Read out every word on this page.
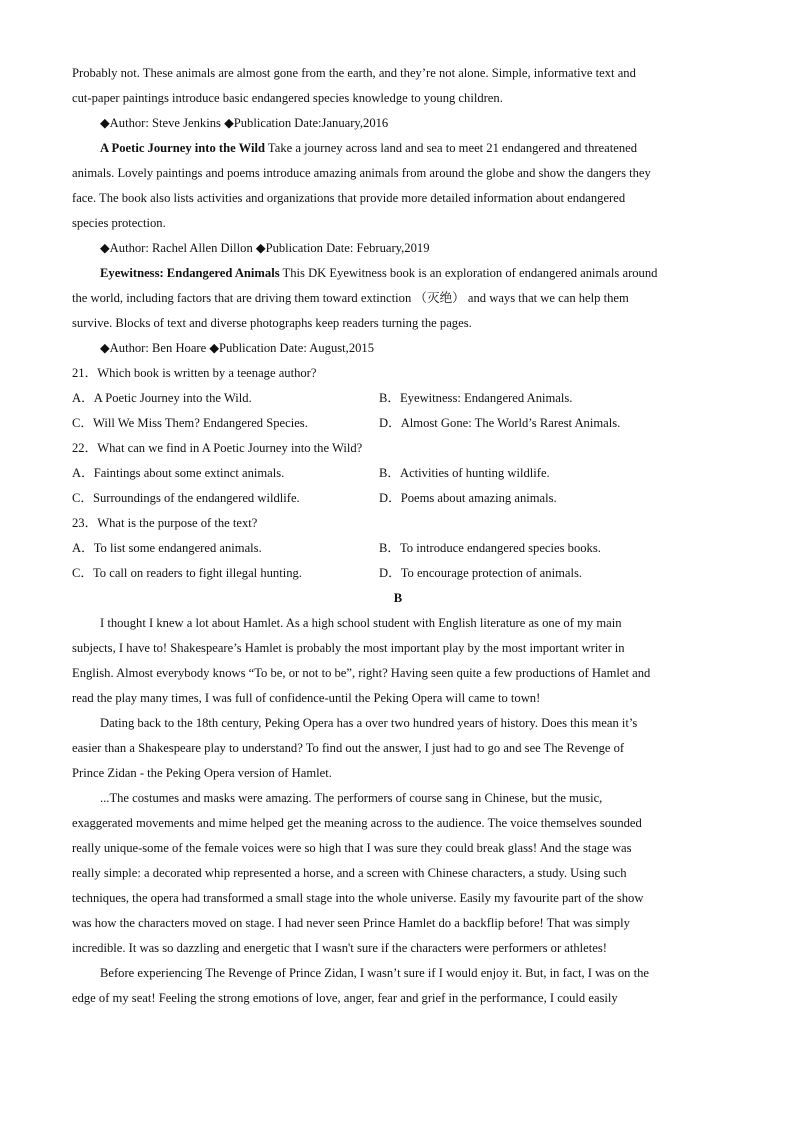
Probably not. These animals are almost gone from the earth, and they’re not alone. Simple, informative text and
cut-paper paintings introduce basic endangered species knowledge to young children.
◆Author: Steve Jenkins ◆Publication Date:January,2016
A Poetic Journey into the Wild Take a journey across land and sea to meet 21 endangered and threatened
animals. Lovely paintings and poems introduce amazing animals from around the globe and show the dangers they
face. The book also lists activities and organizations that provide more detailed information about endangered
species protection.
◆Author: Rachel Allen Dillon ◆Publication Date: February,2019
Eyewitness: Endangered Animals This DK Eyewitness book is an exploration of endangered animals around
the world, including factors that are driving them toward extinction （灭绝） and ways that we can help them
survive. Blocks of text and diverse photographs keep readers turning the pages.
◆Author: Ben Hoare ◆Publication Date: August,2015
21．Which book is written by a teenage author?
A．A Poetic Journey into the Wild.	B．Eyewitness: Endangered Animals.
C．Will We Miss Them? Endangered Species.	D．Almost Gone: The World’s Rarest Animals.
22．What can we find in A Poetic Journey into the Wild?
A．Faintings about some extinct animals.	B．Activities of hunting wildlife.
C．Surroundings of the endangered wildlife.	D．Poems about amazing animals.
23．What is the purpose of the text?
A．To list some endangered animals.	B．To introduce endangered species books.
C．To call on readers to fight illegal hunting.	D．To encourage protection of animals.
B
I thought I knew a lot about Hamlet. As a high school student with English literature as one of my main
subjects, I have to! Shakespeare’s Hamlet is probably the most important play by the most important writer in
English. Almost everybody knows “To be, or not to be”, right? Having seen quite a few productions of Hamlet and
read the play many times, I was full of confidence-until the Peking Opera will came to town!
Dating back to the 18th century, Peking Opera has a over two hundred years of history. Does this mean it’s
easier than a Shakespeare play to understand? To find out the answer, I just had to go and see The Revenge of
Prince Zidan - the Peking Opera version of Hamlet.
...The costumes and masks were amazing. The performers of course sang in Chinese, but the music,
exaggerated movements and mime helped get the meaning across to the audience. The voice themselves sounded
really unique-some of the female voices were so high that I was sure they could break glass! And the stage was
really simple: a decorated whip represented a horse, and a screen with Chinese characters, a study. Using such
techniques, the opera had transformed a small stage into the whole universe. Easily my favourite part of the show
was how the characters moved on stage. I had never seen Prince Hamlet do a backflip before! That was simply
incredible. It was so dazzling and energetic that I wasn't sure if the characters were performers or athletes!
Before experiencing The Revenge of Prince Zidan, I wasn’t sure if I would enjoy it. But, in fact, I was on the
edge of my seat! Feeling the strong emotions of love, anger, fear and grief in the performance, I could easily
